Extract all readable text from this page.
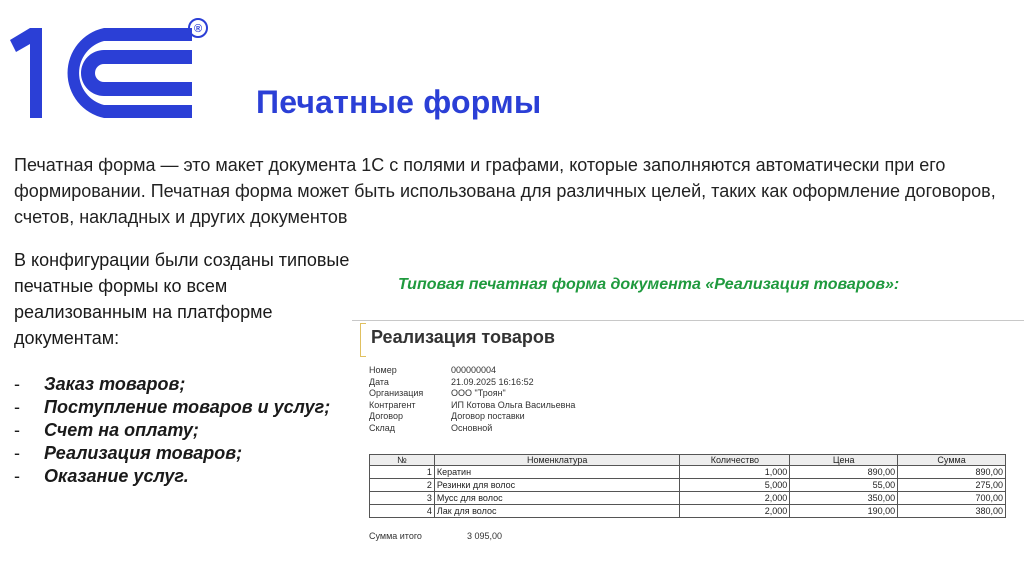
®
1С
Печатные формы
Печатная форма — это макет документа 1С с полями и графами, которые заполняются автоматически при его формировании. Печатная форма может быть использована для различных целей, таких как оформление договоров, счетов, накладных и других документов
В конфигурации были созданы типовые печатные формы ко всем реализованным на платформе документам:
-	Заказ товаров;
-	Поступление товаров и услуг;
-	Счет на оплату;
-	Реализация товаров;
-	Оказание услуг.
Типовая печатная форма документа «Реализация товаров»:
Реализация товаров
Номер	000000004
Дата	21.09.2025 16:16:52
Организация	ООО "Троян"
Контрагент	ИП Котова Ольга Васильевна
Договор	Договор поставки
Склад	Основной
№	Номенклатура	Количество	Цена	Сумма
1	Кератин	1,000	890,00	890,00
2	Резинки для волос	5,000	55,00	275,00
3	Мусс для волос	2,000	350,00	700,00
4	Лак для волос	2,000	190,00	380,00
Сумма итого	3 095,00
